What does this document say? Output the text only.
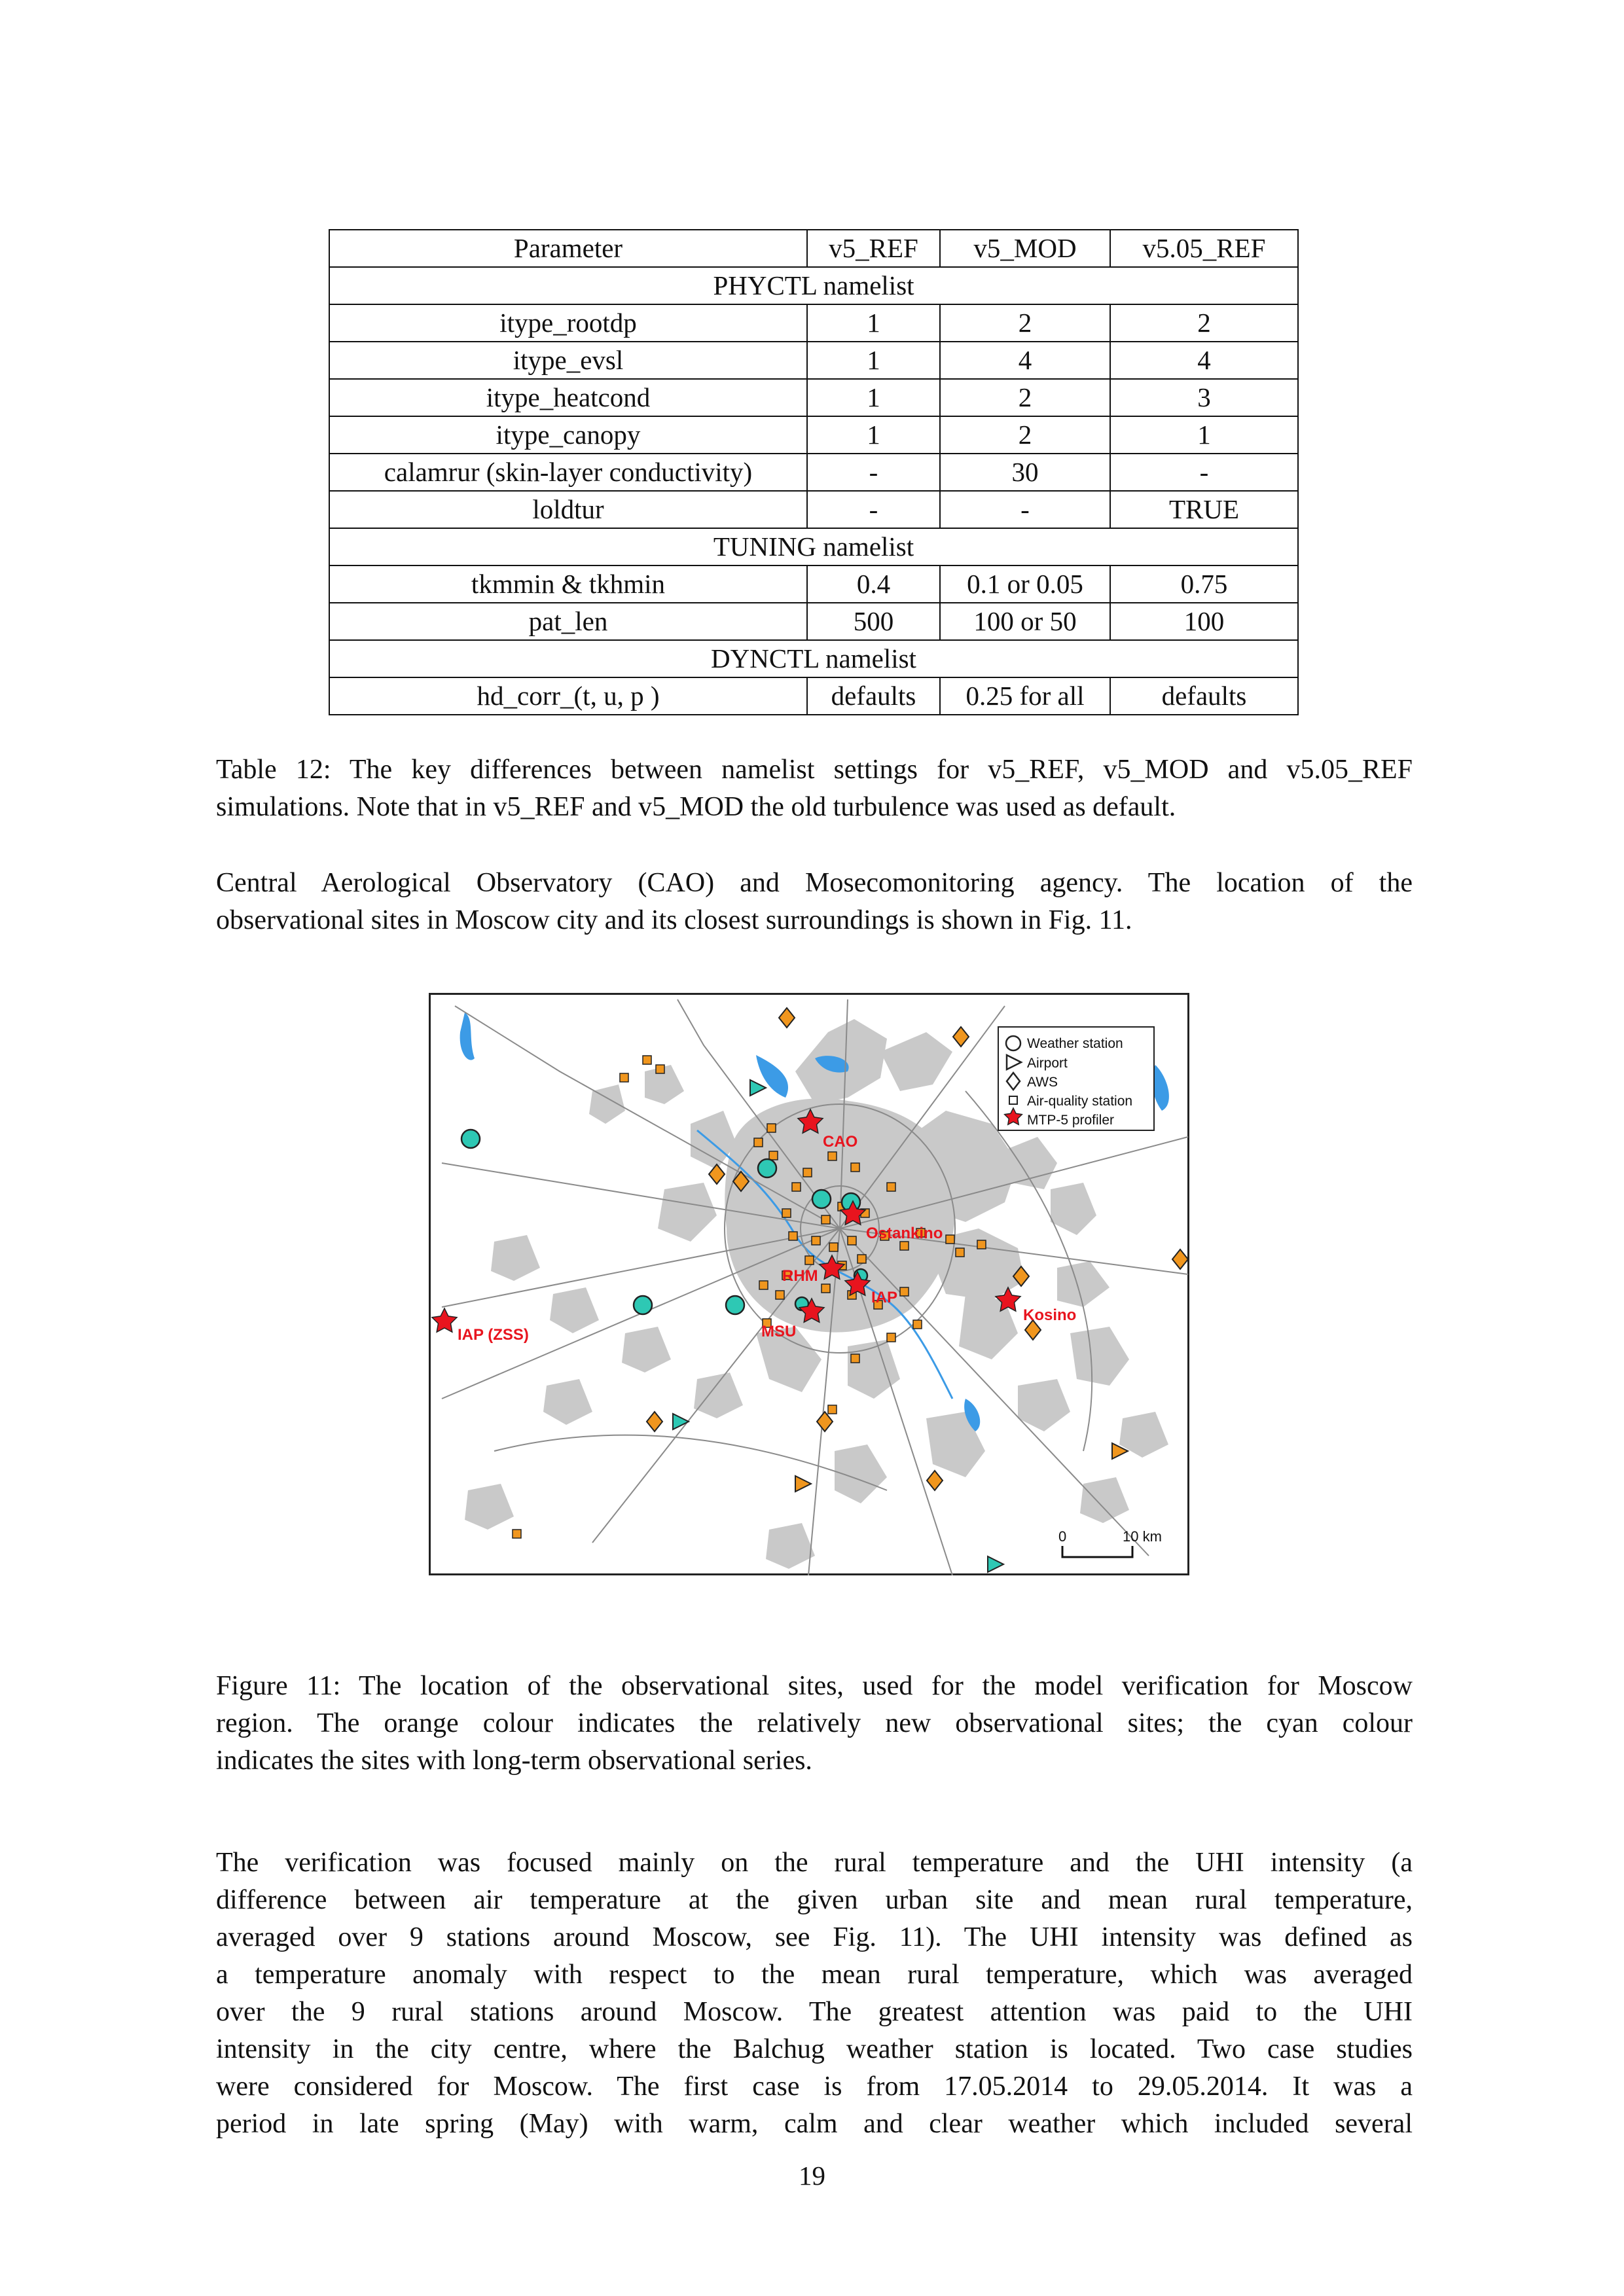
Parameter	v5_REF	v5_MOD	v5.05_REF
PHYCTL namelist			
itype_rootdp	1	2	2
itype_evsl	1	4	4
itype_heatcond	1	2	3
itype_canopy	1	2	1
calamrur (skin-layer conductivity)	-	30	-
loldtur	-	-	TRUE
TUNING namelist			
tkmmin & tkhmin	0.4	0.1 or 0.05	0.75
pat_len	500	100 or 50	100
DYNCTL namelist			
hd_corr_(t, u, p )	defaults	0.25 for all	defaults
Table 12: The key differences between namelist settings for v5_REF, v5_MOD and v5.05_REF
simulations. Note that in v5_REF and v5_MOD the old turbulence was used as default.
Central Aerological Observatory (CAO) and Mosecomonitoring agency. The location of the
observational sites in Moscow city and its closest surroundings is shown in Fig. 11.
CAO
Ostankino
RHM
IAP
MSU
Kosino
IAP (ZSS)
Weather station
Airport
AWS
Air-quality station
MTP-5 profiler
0	10 km
Figure 11: The location of the observational sites, used for the model verification for Moscow
region. The orange colour indicates the relatively new observational sites; the cyan colour
indicates the sites with long-term observational series.
The verification was focused mainly on the rural temperature and the UHI intensity (a
difference between air temperature at the given urban site and mean rural temperature,
averaged over 9 stations around Moscow, see Fig. 11). The UHI intensity was defined as
a temperature anomaly with respect to the mean rural temperature, which was averaged
over the 9 rural stations around Moscow. The greatest attention was paid to the UHI
intensity in the city centre, where the Balchug weather station is located. Two case studies
were considered for Moscow. The first case is from 17.05.2014 to 29.05.2014. It was a
period in late spring (May) with warm, calm and clear weather which included several
19
